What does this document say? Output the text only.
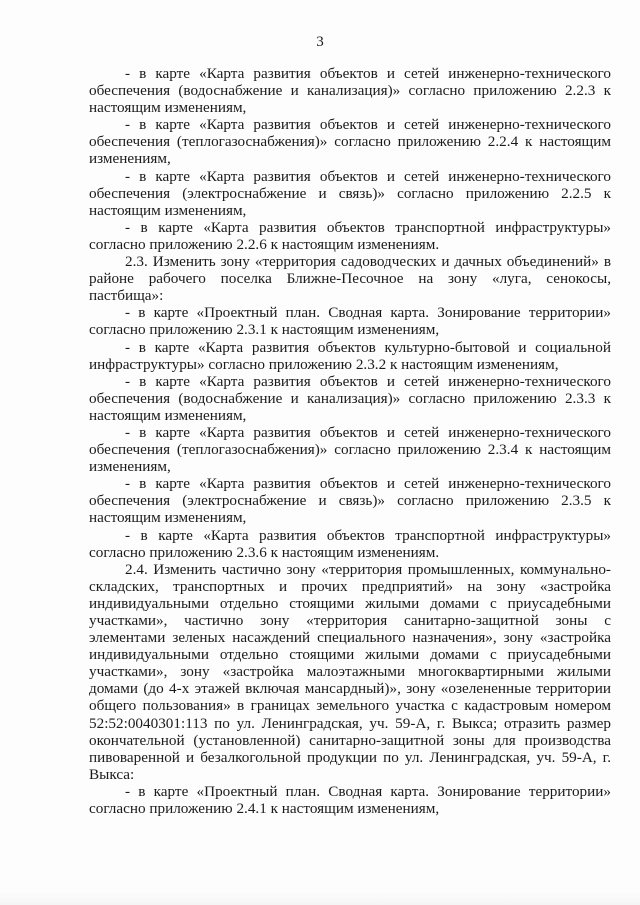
3

- в карте «Карта развития объектов и сетей инженерно-технического обеспечения (водоснабжение и канализация)» согласно приложению 2.2.3 к настоящим изменениям,

- в карте «Карта развития объектов и сетей инженерно-технического обеспечения (теплогазоснабжения)» согласно приложению 2.2.4 к настоящим изменениям,

- в карте «Карта развития объектов и сетей инженерно-технического обеспечения (электроснабжение и связь)» согласно приложению 2.2.5 к настоящим изменениям,

- в карте «Карта развития объектов транспортной инфраструктуры» согласно приложению 2.2.6 к настоящим изменениям.

2.3. Изменить зону «территория садоводческих и дачных объединений» в районе рабочего поселка Ближне-Песочное на зону «луга, сенокосы, пастбища»:

- в карте «Проектный план. Сводная карта. Зонирование территории» согласно приложению 2.3.1 к настоящим изменениям,

- в карте «Карта развития объектов культурно-бытовой и социальной инфраструктуры» согласно приложению 2.3.2 к настоящим изменениям,

- в карте «Карта развития объектов и сетей инженерно-технического обеспечения (водоснабжение и канализация)» согласно приложению 2.3.3 к настоящим изменениям,

- в карте «Карта развития объектов и сетей инженерно-технического обеспечения (теплогазоснабжения)» согласно приложению 2.3.4 к настоящим изменениям,

- в карте «Карта развития объектов и сетей инженерно-технического обеспечения (электроснабжение и связь)» согласно приложению 2.3.5 к настоящим изменениям,

- в карте «Карта развития объектов транспортной инфраструктуры» согласно приложению 2.3.6 к настоящим изменениям.

2.4. Изменить частично зону «территория промышленных, коммунально-складских, транспортных и прочих предприятий» на зону «застройка индивидуальными отдельно стоящими жилыми домами с приусадебными участками», частично зону «территория санитарно-защитной зоны с элементами зеленых насаждений специального назначения», зону «застройка индивидуальными отдельно стоящими жилыми домами с приусадебными участками», зону «застройка малоэтажными многоквартирными жилыми домами (до 4-х этажей включая мансардный)», зону «озелененные территории общего пользования» в границах земельного участка с кадастровым номером 52:52:0040301:113 по ул. Ленинградская, уч. 59-А, г. Выкса; отразить размер окончательной (установленной) санитарно-защитной зоны для производства пивоваренной и безалкогольной продукции по ул. Ленинградская, уч. 59-А, г. Выкса:

- в карте «Проектный план. Сводная карта. Зонирование территории» согласно приложению 2.4.1 к настоящим изменениям,
